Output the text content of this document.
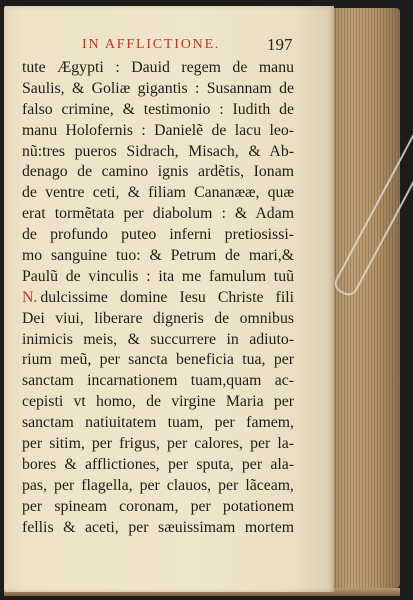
IN AFFLICTIONE.	197
tute Ægypti : Dauid regem de manu
Saulis, & Goliæ gigantis : Susannam de
falso crimine, & testimonio : Iudith de
manu Holofernis : Danielẽ de lacu leo-
nũ:tres pueros Sidrach, Misach, & Ab-
denago de camino ignis ardẽtis, Ionam
de ventre ceti, & filiam Cananææ, quæ
erat tormẽtata per diabolum : & Adam
de profundo puteo inferni pretiosissi-
mo sanguine tuo: & Petrum de mari,&
Paulũ de vinculis : ita me famulum tuũ
N. dulcissime domine Iesu Christe fili
Dei viui, liberare digneris de omnibus
inimicis meis, & succurrere in adiuto-
rium meũ, per sancta beneficia tua, per
sanctam incarnationem tuam,quam ac-
cepisti vt homo, de virgine Maria per
sanctam natiuitatem tuam, per famem,
per sitim, per frigus, per calores, per la-
bores & afflictiones, per sputa, per ala-
pas, per flagella, per clauos, per lãceam,
per spineam coronam, per potationem
fellis & aceti, per sæuissimam mortem
